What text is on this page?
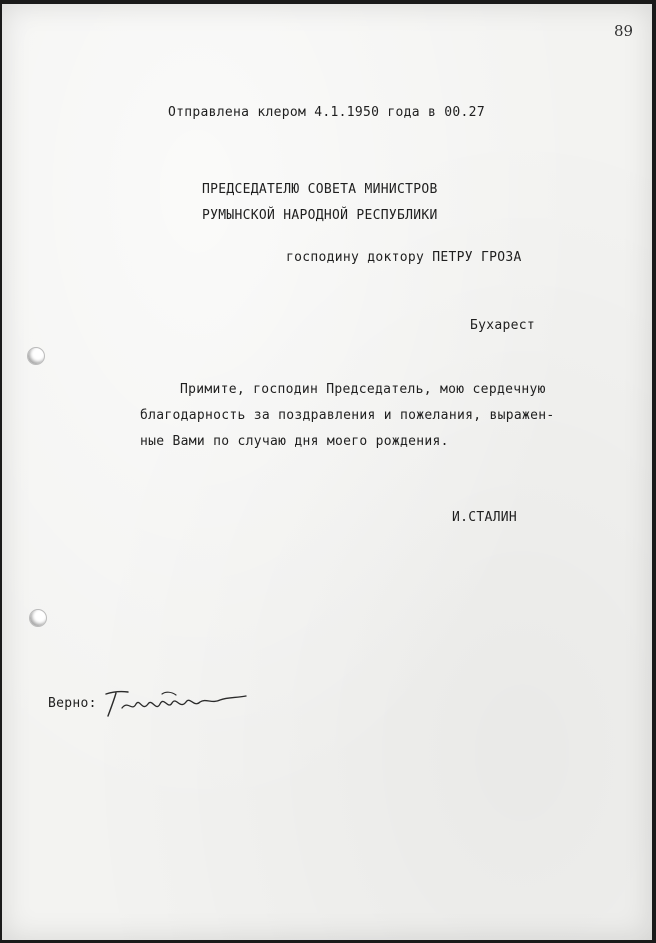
89

Отправлена клером 4.1.1950 года в 00.27

ПРЕДСЕДАТЕЛЮ СОВЕТА МИНИСТРОВ

РУМЫНСКОЙ НАРОДНОЙ РЕСПУБЛИКИ

господину доктору ПЕТРУ ГРОЗА

Бухарест

Примите, господин Председатель, мою сердечную

благодарность за поздравления и пожелания, выражен-

ные Вами по случаю дня моего рождения.

И.СТАЛИН

Верно:
